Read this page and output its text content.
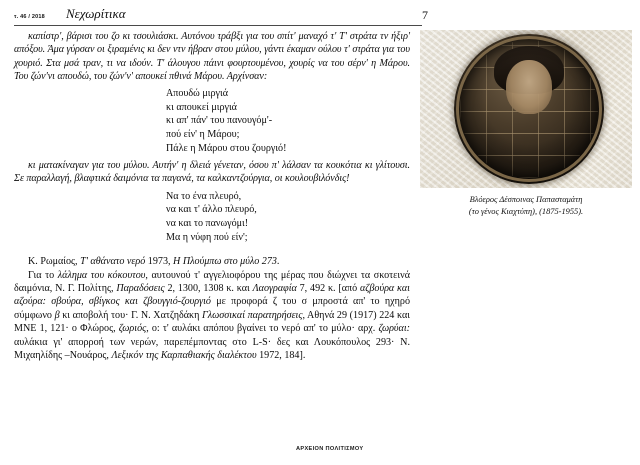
τ. 46 / 2018 Νεχωρίτικα	7

καπίστρ', βάρισι του ζο κι τσουλιάσκι. Αυτόνου τράβξι για του σπίτ' μαναχό τ' Τ' στράτα τν ήξιρ' απόξου. Άμα γύρσαν οι ξιραμένις κι δεν ντν ήβραν στου μύλου, γάντι έκαμαν ούλου τ' στράτα για του χουριό. Στα μσά τραν, τι να ιδούν. Τ' άλουγου πάινι φουρτουμένου, χουρίς να του σέρν' η Μάρου. Του ζών'νι απουδώ, του ζών'ν' απουκεί πθινά Μάρου. Αρχίνσαν:

Απουδώ μιργιά
κι απουκεί μιργιά
κι απ' πάν' του πανουγόμ'-
πού είν' η Μάρου;
Πάλε η Μάρου στου ζουργιό!

κι ματακίναγαν για του μύλου. Αυτήν' η δλειά γένεταν, όσου π' λάλσαν τα κουκότια κι γλίτουσι. Σε παραλλαγή, βλαφτικά δαιμόνια τα παγανά, τα καλκαντζούργια, οι κουλουβιλόνδις!

Να το ένα πλευρό,
να και τ' άλλο πλευρό,
να και το πανωγόμι!
Μα η νύφη πού είν';

Κ. Ρωμαίος, Τ' αθάνατο νερό 1973, Η Πλούμπω στο μύλο 273.

Για το λάλημα του κόκουτου, αυτουνού τ' αγγελιοφόρου της μέρας που διώχνει τα σκοτεινά δαιμόνια, Ν. Γ. Πολίτης, Παραδόσεις 2, 1300, 1308 κ. και Λαογραφία 7, 492 κ. [από αζβούρα και αζούρα: σβούρα, σβίγκος και ζβουγγιό-ζουργιό με προφορά ζ του σ μπροστά απ' το ηχηρό σύμφωνο β κι αποβολή του· Γ. Ν. Χατζηδάκη Γλωσσικαί παρατηρήσεις, Αθηνά 29 (1917) 224 και ΜΝΕ 1, 121· ο Φλώρος, ζωριός, ο: τ' αυλάκι απόπου βγαίνει το νερό απ' το μύλο· αρχ. ζωρύαι: αυλάκια γι' απορροή των νερών, παρεπέμποντας στο L-S· δες και Λουκόπουλος 293· Ν. Μιχαηλίδης –Νουάρος, Λεξικόν της Καρπαθιακής διαλέκτου 1972, 184].

Βλόερος Δέσποινας Παπασταμάτη
(το γένος Κιαχτύπη), (1875-1955).
ΑΡΧΕΙΟΝ ΠΟΛΙΤΙΣΜΟΥ
